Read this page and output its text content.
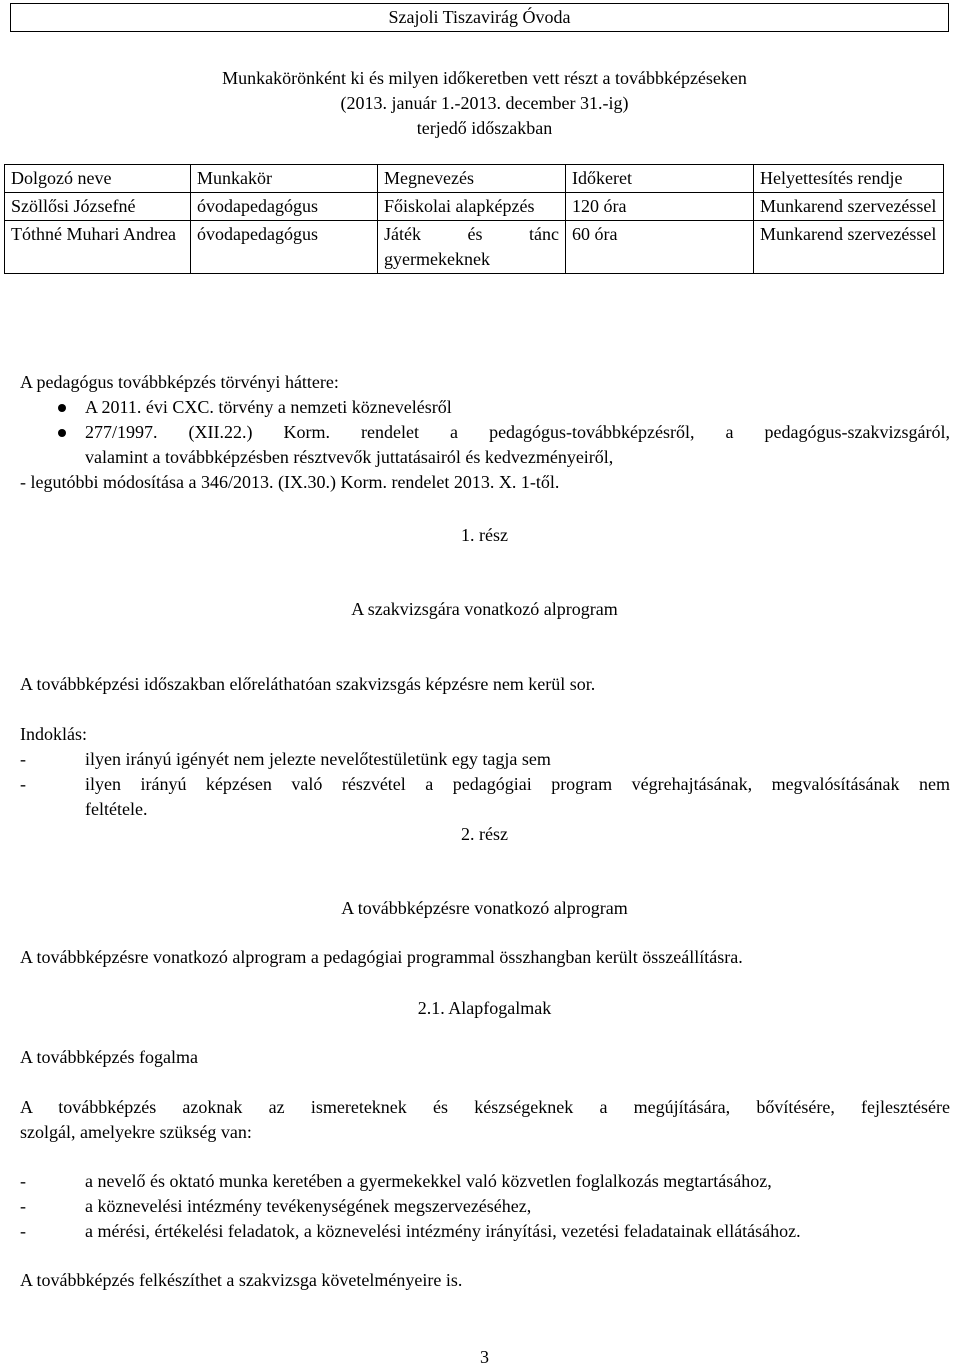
Szajoli Tiszavirág Óvoda
Munkakörönként ki és milyen időkeretben vett részt a továbbképzéseken
(2013. január 1.-2013. december 31.-ig)
terjedő időszakban
Dolgozó neve	Munkakör	Megnevezés	Időkeret	Helyettesítés rendje
Szöllősi Józsefné	óvodapedagógus	Főiskolai alapképzés	120 óra	Munkarend szervezéssel
Tóthné Muhari Andrea	óvodapedagógus	Játék és tánc gyermekeknek	60 óra	Munkarend szervezéssel
A pedagógus továbbképzés törvényi háttere:
A 2011. évi CXC. törvény a nemzeti köznevelésről
277/1997. (XII.22.) Korm. rendelet a pedagógus-továbbképzésről, a pedagógus-szakvizsgáról,
valamint a továbbképzésben résztvevők juttatásairól és kedvezményeiről,
- legutóbbi módosítása a 346/2013. (IX.30.) Korm. rendelet 2013. X. 1-től.
1. rész
A szakvizsgára vonatkozó alprogram
A továbbképzési időszakban előreláthatóan szakvizsgás képzésre nem kerül sor.
Indoklás:
-	ilyen irányú igényét nem jelezte nevelőtestületünk egy tagja sem
-	ilyen irányú képzésen való részvétel a pedagógiai program végrehajtásának, megvalósításának nem
feltétele.
2. rész
A továbbképzésre vonatkozó alprogram
A továbbképzésre vonatkozó alprogram a pedagógiai programmal összhangban került összeállításra.
2.1. Alapfogalmak
A továbbképzés fogalma
A továbbképzés azoknak az ismereteknek és készségeknek a megújítására, bővítésére, fejlesztésére
szolgál, amelyekre szükség van:
-	a nevelő és oktató munka keretében a gyermekekkel való közvetlen foglalkozás megtartásához,
-	a köznevelési intézmény tevékenységének megszervezéséhez,
-	a mérési, értékelési feladatok, a köznevelési intézmény irányítási, vezetési feladatainak ellátásához.
A továbbképzés felkészíthet a szakvizsga követelményeire is.
3
